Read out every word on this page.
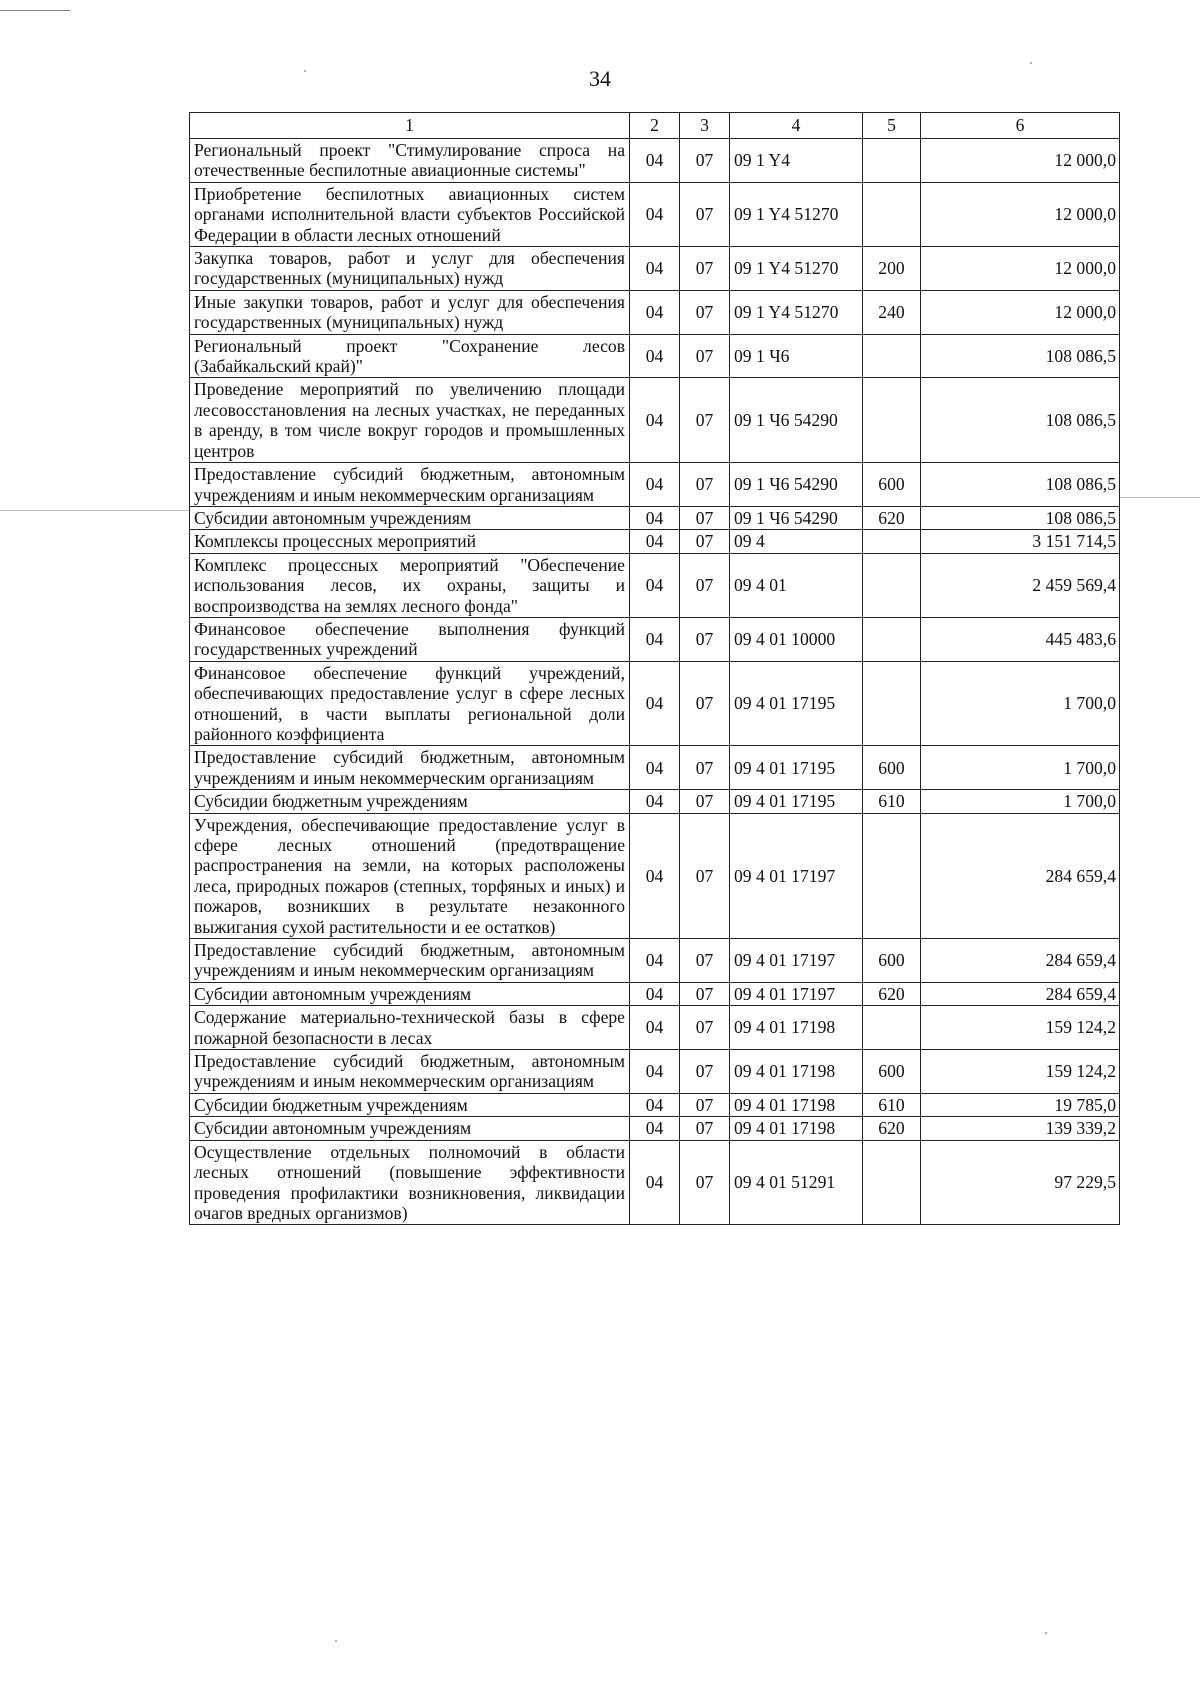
34
1	2	3	4	5	6
Региональный проект "Стимулирование спроса на отечественные беспилотные авиационные системы"	04	07	09 1 Y4		12 000,0
Приобретение беспилотных авиационных систем органами исполнительной власти субъектов Российской Федерации в области лесных отношений	04	07	09 1 Y4 51270		12 000,0
Закупка товаров, работ и услуг для обеспечения государственных (муниципальных) нужд	04	07	09 1 Y4 51270	200	12 000,0
Иные закупки товаров, работ и услуг для обеспечения государственных (муниципальных) нужд	04	07	09 1 Y4 51270	240	12 000,0
Региональный проект "Сохранение лесов (Забайкальский край)"	04	07	09 1 Ч6		108 086,5
Проведение мероприятий по увеличению площади лесовосстановления на лесных участках, не переданных в аренду, в том числе вокруг городов и промышленных центров	04	07	09 1 Ч6 54290		108 086,5
Предоставление субсидий бюджетным, автономным учреждениям и иным некоммерческим организациям	04	07	09 1 Ч6 54290	600	108 086,5
Субсидии автономным учреждениям	04	07	09 1 Ч6 54290	620	108 086,5
Комплексы процессных мероприятий	04	07	09 4		3 151 714,5
Комплекс процессных мероприятий "Обеспечение использования лесов, их охраны, защиты и воспроизводства на землях лесного фонда"	04	07	09 4 01		2 459 569,4
Финансовое обеспечение выполнения функций государственных учреждений	04	07	09 4 01 10000		445 483,6
Финансовое обеспечение функций учреждений, обеспечивающих предоставление услуг в сфере лесных отношений, в части выплаты региональной доли районного коэффициента	04	07	09 4 01 17195		1 700,0
Предоставление субсидий бюджетным, автономным учреждениям и иным некоммерческим организациям	04	07	09 4 01 17195	600	1 700,0
Субсидии бюджетным учреждениям	04	07	09 4 01 17195	610	1 700,0
Учреждения, обеспечивающие предоставление услуг в сфере лесных отношений (предотвращение распространения на земли, на которых расположены леса, природных пожаров (степных, торфяных и иных) и пожаров, возникших в результате незаконного выжигания сухой растительности и ее остатков)	04	07	09 4 01 17197		284 659,4
Предоставление субсидий бюджетным, автономным учреждениям и иным некоммерческим организациям	04	07	09 4 01 17197	600	284 659,4
Субсидии автономным учреждениям	04	07	09 4 01 17197	620	284 659,4
Содержание материально-технической базы в сфере пожарной безопасности в лесах	04	07	09 4 01 17198		159 124,2
Предоставление субсидий бюджетным, автономным учреждениям и иным некоммерческим организациям	04	07	09 4 01 17198	600	159 124,2
Субсидии бюджетным учреждениям	04	07	09 4 01 17198	610	19 785,0
Субсидии автономным учреждениям	04	07	09 4 01 17198	620	139 339,2
Осуществление отдельных полномочий в области лесных отношений (повышение эффективности проведения профилактики возникновения, ликвидации очагов вредных организмов)	04	07	09 4 01 51291		97 229,5
